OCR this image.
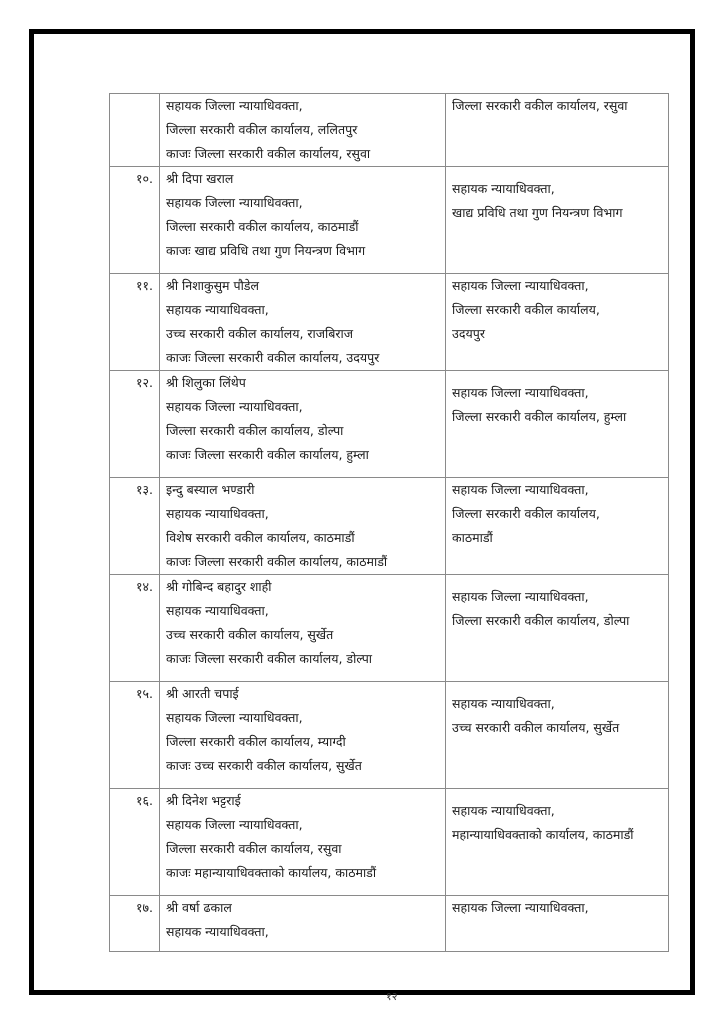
	सहायक जिल्ला न्यायाधिवक्ता,
जिल्ला सरकारी वकील कार्यालय, ललितपुर
काजः जिल्ला सरकारी वकील कार्यालय, रसुवा	जिल्ला सरकारी वकील कार्यालय, रसुवा

१०.	श्री दिपा खराल
सहायक जिल्ला न्यायाधिवक्ता,
जिल्ला सरकारी वकील कार्यालय, काठमाडौं
काजः खाद्य प्रविधि तथा गुण नियन्त्रण विभाग	सहायक न्यायाधिवक्ता,
खाद्य प्रविधि तथा गुण नियन्त्रण विभाग

११.	श्री निशाकुसुम पौडेल
सहायक न्यायाधिवक्ता,
उच्च सरकारी वकील कार्यालय, राजबिराज
काजः जिल्ला सरकारी वकील कार्यालय, उदयपुर	सहायक जिल्ला न्यायाधिवक्ता,
जिल्ला सरकारी वकील कार्यालय,
उदयपुर

१२.	श्री शिलुका लिंथेप
सहायक जिल्ला न्यायाधिवक्ता,
जिल्ला सरकारी वकील कार्यालय, डोल्पा
काजः जिल्ला सरकारी वकील कार्यालय, हुम्ला	सहायक जिल्ला न्यायाधिवक्ता,
जिल्ला सरकारी वकील कार्यालय, हुम्ला

१३.	इन्दु बस्याल भण्डारी
सहायक न्यायाधिवक्ता,
विशेष सरकारी वकील कार्यालय, काठमाडौं
काजः जिल्ला सरकारी वकील कार्यालय, काठमाडौं	सहायक जिल्ला न्यायाधिवक्ता,
जिल्ला सरकारी वकील कार्यालय,
काठमाडौं

१४.	श्री गोबिन्द बहादुर शाही
सहायक न्यायाधिवक्ता,
उच्च सरकारी वकील कार्यालय, सुर्खेत
काजः जिल्ला सरकारी वकील कार्यालय, डोल्पा	सहायक जिल्ला न्यायाधिवक्ता,
जिल्ला सरकारी वकील कार्यालय, डोल्पा

१५.	श्री आरती चपाई
सहायक जिल्ला न्यायाधिवक्ता,
जिल्ला सरकारी वकील कार्यालय, म्याग्दी
काजः उच्च सरकारी वकील कार्यालय, सुर्खेत	सहायक न्यायाधिवक्ता,
उच्च सरकारी वकील कार्यालय, सुर्खेत

१६.	श्री दिनेश भट्टराई
सहायक जिल्ला न्यायाधिवक्ता,
जिल्ला सरकारी वकील कार्यालय, रसुवा
काजः महान्यायाधिवक्ताको कार्यालय, काठमाडौं	सहायक न्यायाधिवक्ता,
महान्यायाधिवक्ताको कार्यालय, काठमाडौं

१७.	श्री वर्षा ढकाल
सहायक न्यायाधिवक्ता,	सहायक जिल्ला न्यायाधिवक्ता,
१२
